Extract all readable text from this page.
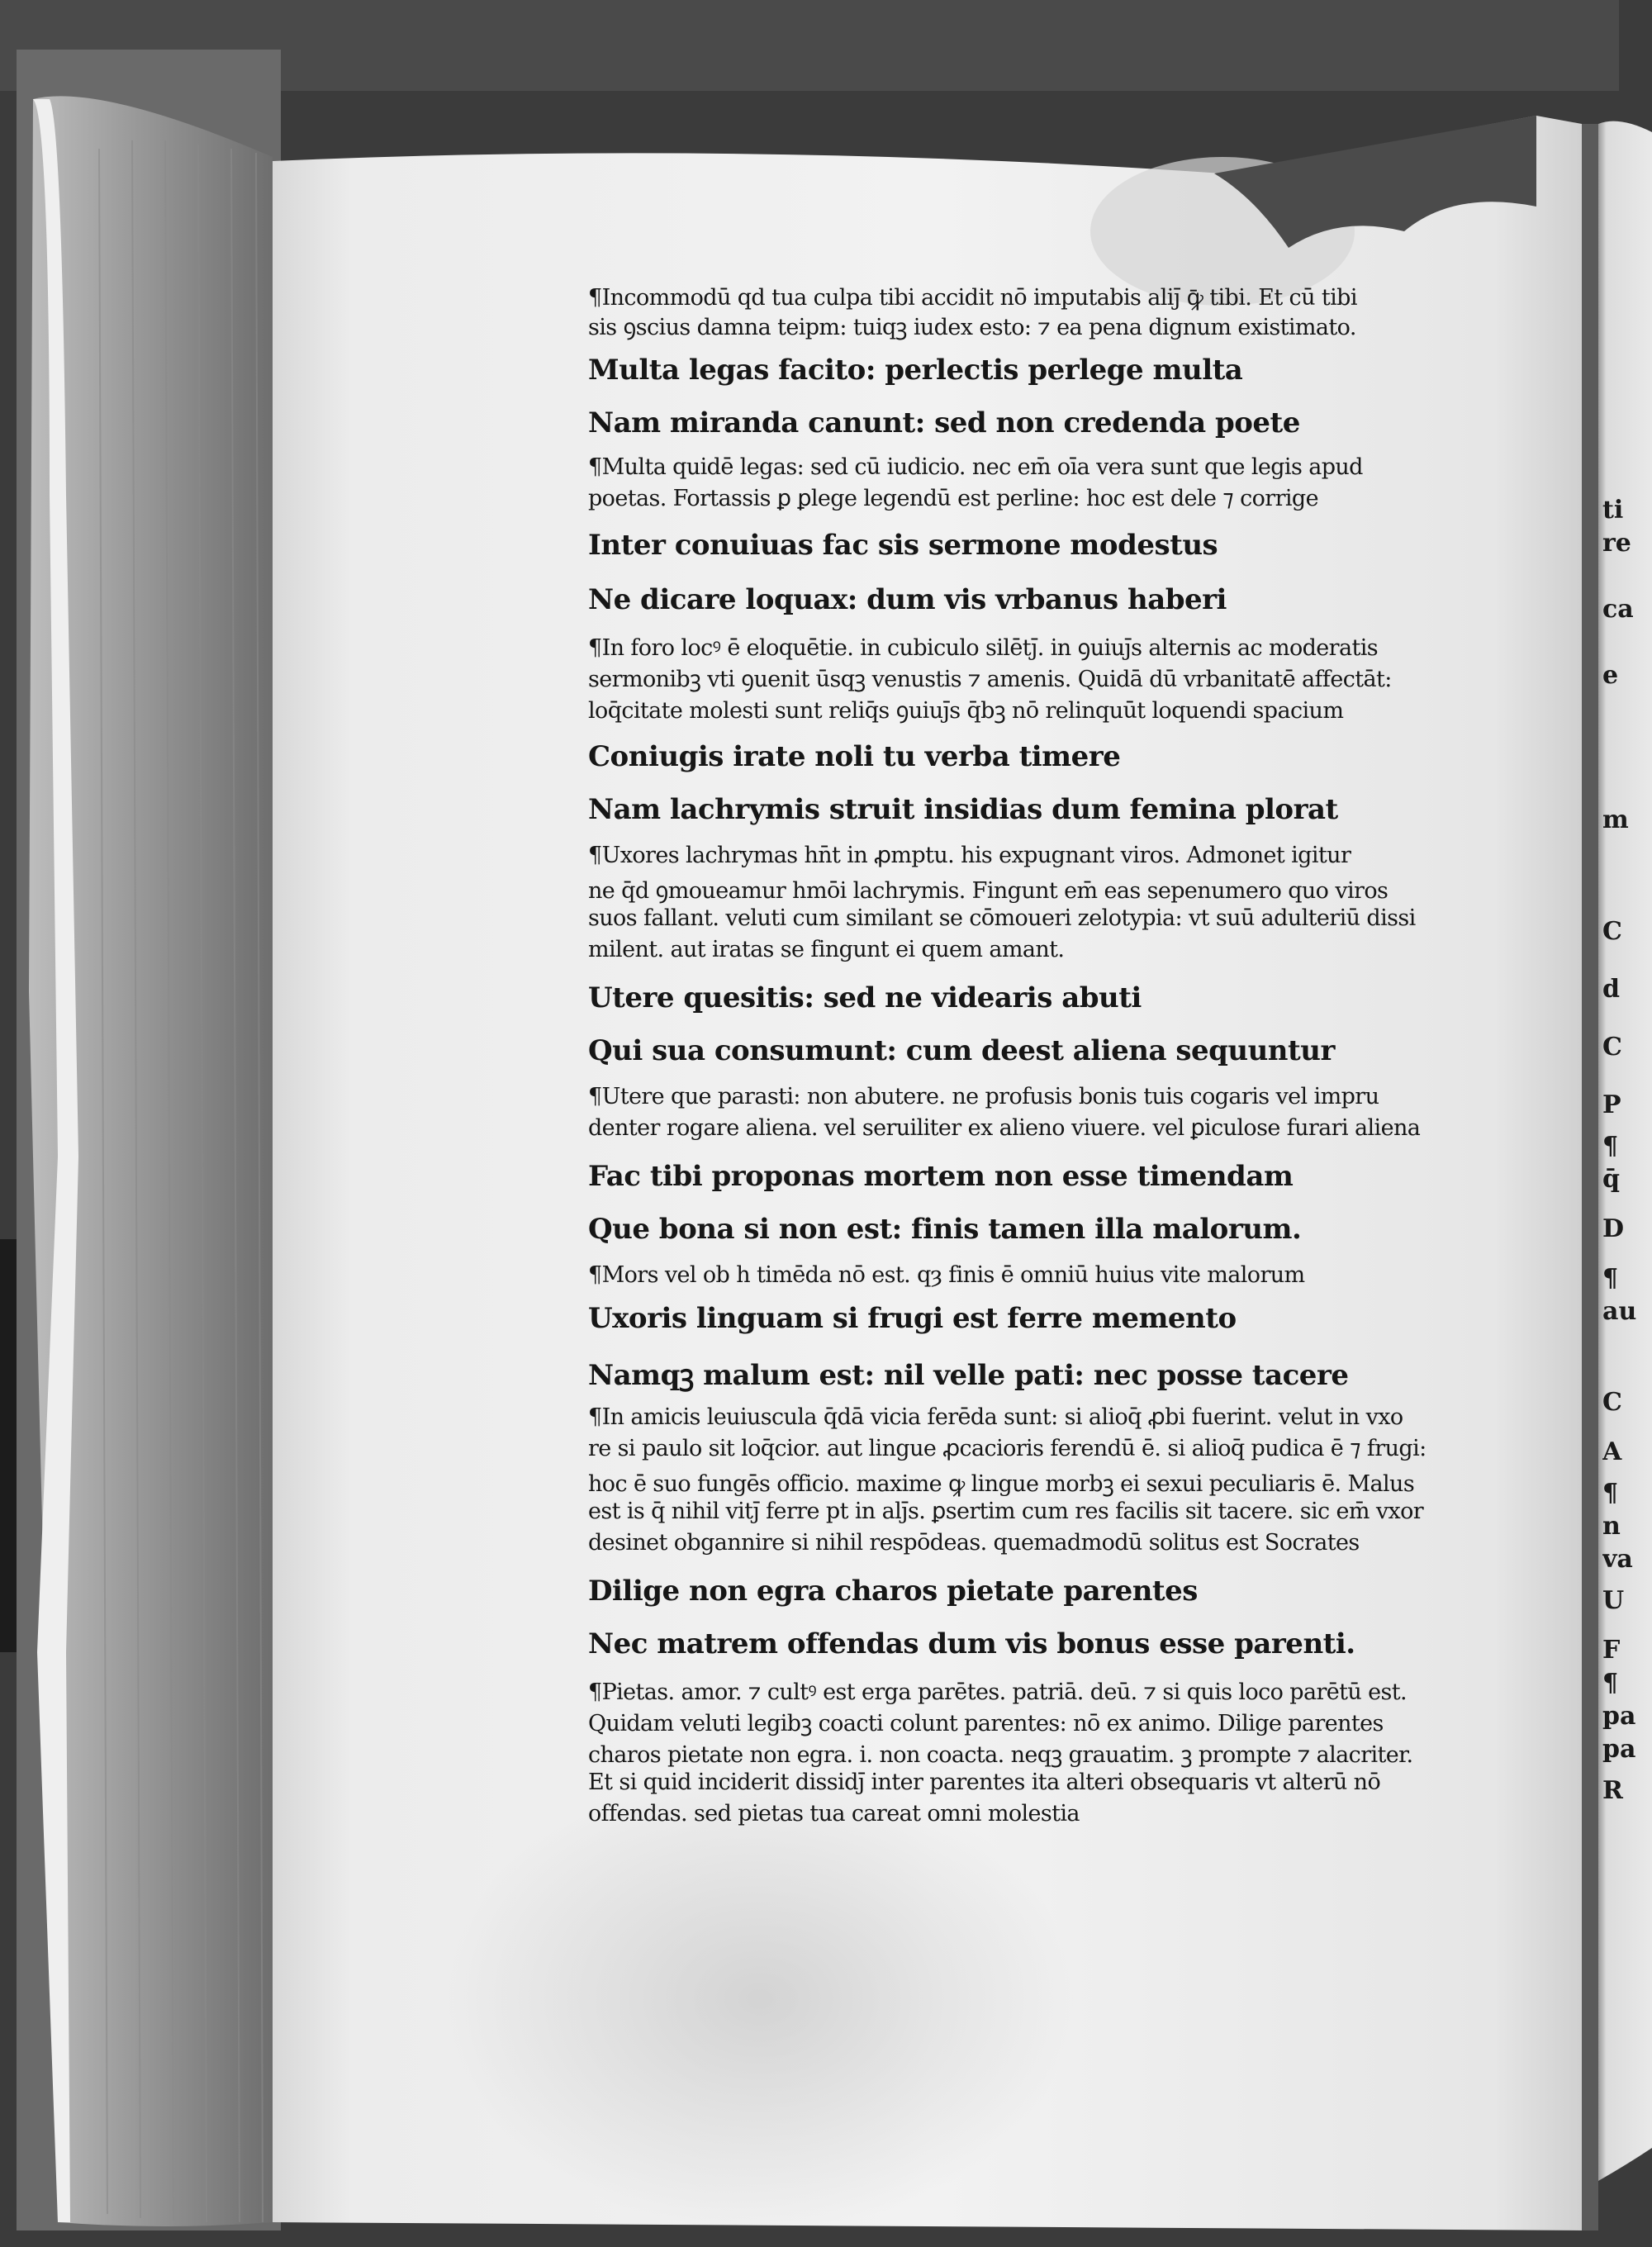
¶Incommodū qd tua culpa tibi accidit nō imputabis aliȷ̄ ꝙ̄ tibi. Et cū tibi
sis ꝯscius damna teipm: tuiqꝫ iudex esto: ⁊ ea pena dignum existimato.
Multa legas facito: perlectis perlege multa
Nam miranda canunt: sed non credenda poete
¶Multa quidē legas: sed cū iudicio. nec em̄ oīa vera sunt que legis apud
poetas. Fortassis ꝑ ꝑlege legendū est perline: hoc est dele ⁊ corrige
Inter conuiuas fac sis sermone modestus
Ne dicare loquax: dum vis vrbanus haberi
¶In foro locꝰ ē eloquētie. in cubiculo silētȷ̄. in ꝯuiuȷ̄s alternis ac moderatis
sermonibꝫ vti ꝯuenit ūsqꝫ venustis ⁊ amenis. Quidā dū vrbanitatē affectāt:
loq̄citate molesti sunt reliq̄s ꝯuiuȷ̄s q̄bꝫ nō relinquūt loquendi spacium
Coniugis irate noli tu verba timere
Nam lachrymis struit insidias dum femina plorat
¶Uxores lachrymas hn̄t in ꝓmptu. his expugnant viros. Admonet igitur
ne q̄d ꝯmoueamur hmōi lachrymis. Fingunt em̄ eas sepenumero quo viros
suos fallant. veluti cum similant se cōmoueri zelotypia: vt suū adulteriū dissi
milent. aut iratas se fingunt ei quem amant.
Utere quesitis: sed ne videaris abuti
Qui sua consumunt: cum deest aliena sequuntur
¶Utere que parasti: non abutere. ne profusis bonis tuis cogaris vel impru
denter rogare aliena. vel seruiliter ex alieno viuere. vel ꝑiculose furari aliena
Fac tibi proponas mortem non esse timendam
Que bona si non est: finis tamen illa malorum.
¶Mors vel ob h̄ timēda nō est. qȝ finis ē omniū huius vite malorum
Uxoris linguam si frugi est ferre memento
Namqꝫ malum est: nil velle pati: nec posse tacere
¶In amicis leuiuscula q̄dā vicia ferēda sunt: si alioq̄ ꝓbi fuerint. velut in vxo
re si paulo sit loq̄cior. aut lingue ꝓcacioris ferendū ē. si alioq̄ pudica ē ⁊ frugi:
hoc ē suo fungēs officio. maxime ꝙ lingue morbꝫ ei sexui peculiaris ē. Malus
est is q̄ nihil vitȷ̄ ferre pt̄ in alȷ̄s. ꝑsertim cum res facilis sit tacere. sic em̄ vxor
desinet obgannire si nihil respōdeas. quemadmodū solitus est Socrates
Dilige non egra charos pietate parentes
Nec matrem offendas dum vis bonus esse parenti.
¶Pietas. amor. ⁊ cultꝰ est erga parētes. patriā. deū. ⁊ si quis loco parētū est.
Quidam veluti legibꝫ coacti colunt parentes: nō ex animo. Dilige parentes
charos pietate non egra. i. non coacta. neqꝫ grauatim. ꝫ prompte ⁊ alacriter.
Et si quid inciderit dissidȷ̄ inter parentes ita alteri obsequaris vt alterū nō
offendas. sed pietas tua careat omni molestia
ti
re
ca
e
m
C
d
C
P
¶
q̄
D
¶
au
C
A
¶
n
va
U
F
¶
pa
pa
R
